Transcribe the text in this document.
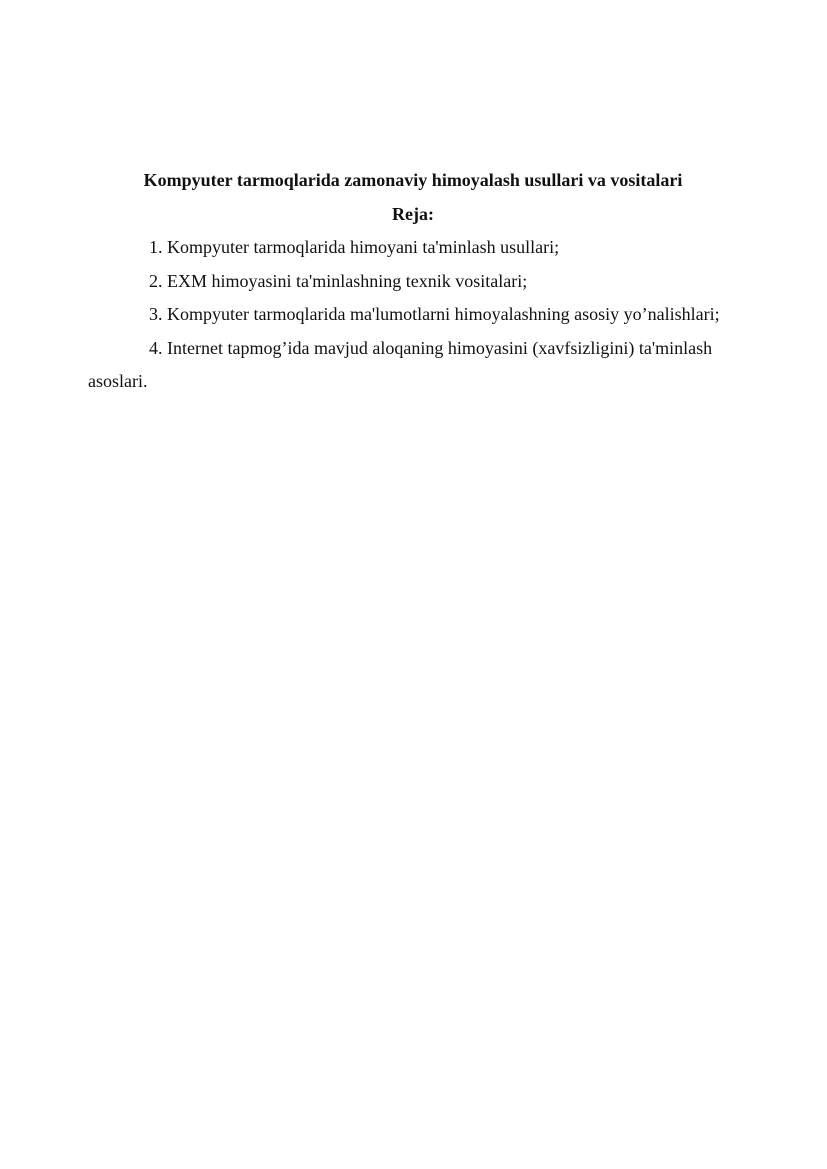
Kompyuter tarmoqlarida zamonaviy himoyalash usullari va vositalari

Reja:

1. Kompyuter tarmoqlarida himoyani ta'minlash usullari;

2. EXM himoyasini ta'minlashning texnik vositalari;

3. Kompyuter tarmoqlarida ma'lumotlarni himoyalashning asosiy yo’nalishlari;

4. Internet tapmog’ida mavjud aloqaning himoyasini (xavfsizligini) ta'minlash asoslari.
